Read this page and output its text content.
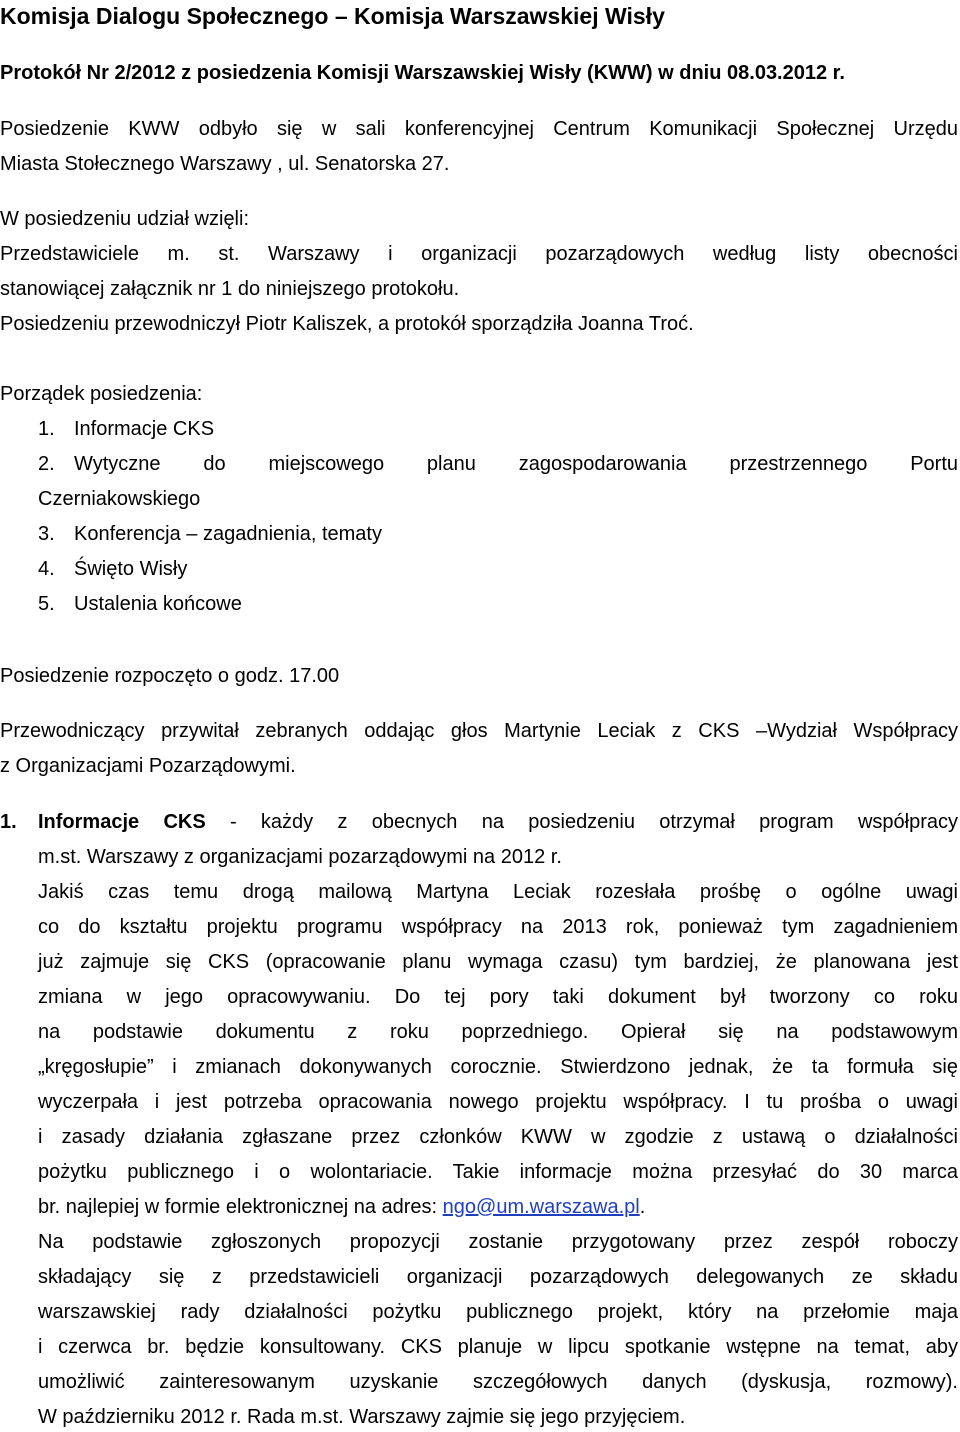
Komisja Dialogu Społecznego – Komisja Warszawskiej Wisły

Protokół Nr 2/2012 z posiedzenia Komisji Warszawskiej Wisły (KWW) w dniu 08.03.2012 r.

Posiedzenie KWW odbyło się w sali konferencyjnej Centrum Komunikacji Społecznej Urzędu

Miasta Stołecznego Warszawy , ul. Senatorska 27.

W posiedzeniu udział wzięli:

Przedstawiciele m. st. Warszawy i organizacji pozarządowych według listy obecności

stanowiącej załącznik nr 1 do niniejszego protokołu.

Posiedzeniu przewodniczył Piotr Kaliszek, a protokół sporządziła Joanna Troć.

Porządek posiedzenia:

1. Informacje CKS

2. Wytyczne do miejscowego planu zagospodarowania przestrzennego Portu

Czerniakowskiego

3. Konferencja – zagadnienia, tematy

4. Święto Wisły

5. Ustalenia końcowe

Posiedzenie rozpoczęto o godz. 17.00

Przewodniczący przywitał zebranych oddając głos Martynie Leciak z CKS –Wydział Współpracy

z Organizacjami Pozarządowymi.

1. Informacje CKS - każdy z obecnych na posiedzeniu otrzymał program współpracy

m.st. Warszawy z organizacjami pozarządowymi na 2012 r.

Jakiś czas temu drogą mailową Martyna Leciak rozesłała prośbę o ogólne uwagi

co do kształtu projektu programu współpracy na 2013 rok, ponieważ tym zagadnieniem

już zajmuje się CKS (opracowanie planu wymaga czasu) tym bardziej, że planowana jest

zmiana w jego opracowywaniu. Do tej pory taki dokument był tworzony co roku

na podstawie dokumentu z roku poprzedniego. Opierał się na podstawowym

„kręgosłupie” i zmianach dokonywanych corocznie. Stwierdzono jednak, że ta formuła się

wyczerpała i jest potrzeba opracowania nowego projektu współpracy. I tu prośba o uwagi

i zasady działania zgłaszane przez członków KWW w zgodzie z ustawą o działalności

pożytku publicznego i o wolontariacie. Takie informacje można przesyłać do 30 marca

br. najlepiej w formie elektronicznej na adres: ngo@um.warszawa.pl.

Na podstawie zgłoszonych propozycji zostanie przygotowany przez zespół roboczy

składający się z przedstawicieli organizacji pozarządowych delegowanych ze składu

warszawskiej rady działalności pożytku publicznego projekt, który na przełomie maja

i czerwca br. będzie konsultowany. CKS planuje w lipcu spotkanie wstępne na temat, aby

umożliwić zainteresowanym uzyskanie szczegółowych danych (dyskusja, rozmowy).

W październiku 2012 r. Rada m.st. Warszawy zajmie się jego przyjęciem.
